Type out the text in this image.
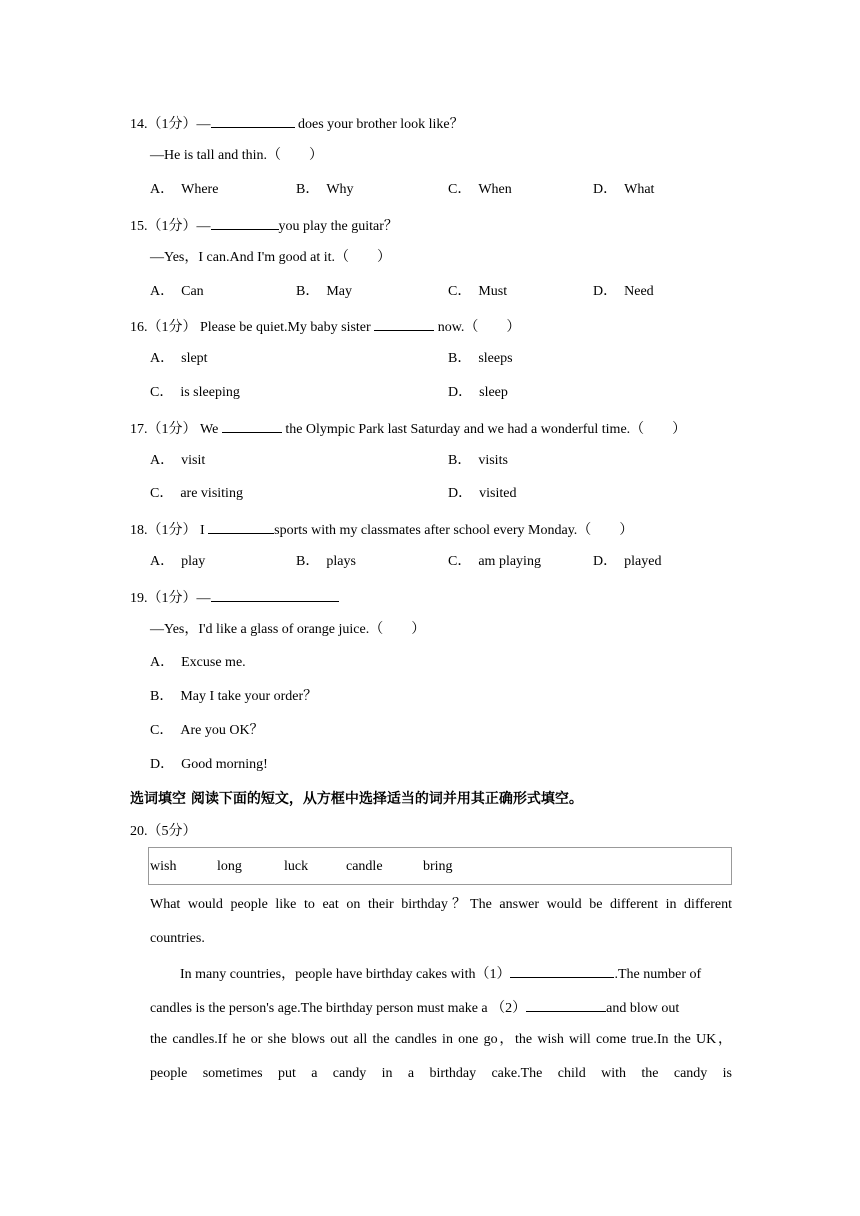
14.（1分）—	does your brother look like？
—He is tall and thin.（　　）
A． Where	B． Why	C． When	D． What
15.（1分）—	you play the guitar？
—Yes，I can.And I'm good at it.（　　）
A． Can	B． May	C． Must	D． Need
16.（1分） Please be quiet.My baby sister	now.（　　）
A． slept	B． sleeps
C． is sleeping	D． sleep
17.（1分） We	the Olympic Park last Saturday and we had a wonderful time.（　　）
A． visit	B． visits
C． are visiting	D． visited
18.（1分） I	sports with my classmates after school every Monday.（　　）
A． play	B． plays	C． am playing	D． played
19.（1分）—
—Yes，I'd like a glass of orange juice.（　　）
A． Excuse me.
B． May I take your order？
C． Are you OK？
D． Good morning!
选词填空 阅读下面的短文，从方框中选择适当的词并用其正确形式填空。
20.（5分）
wish	long	luck	candle	bring
What would people like to eat on their birthday？The answer would be different in different
countries.
In many countries，people have birthday cakes with（1）	.The number of
candles is the person's age.The birthday person must make a （2）	and blow out
the candles.If he or she blows out all the candles in one go，the wish will come true.In the UK，
people sometimes put a candy in a birthday cake.The child with the candy is
